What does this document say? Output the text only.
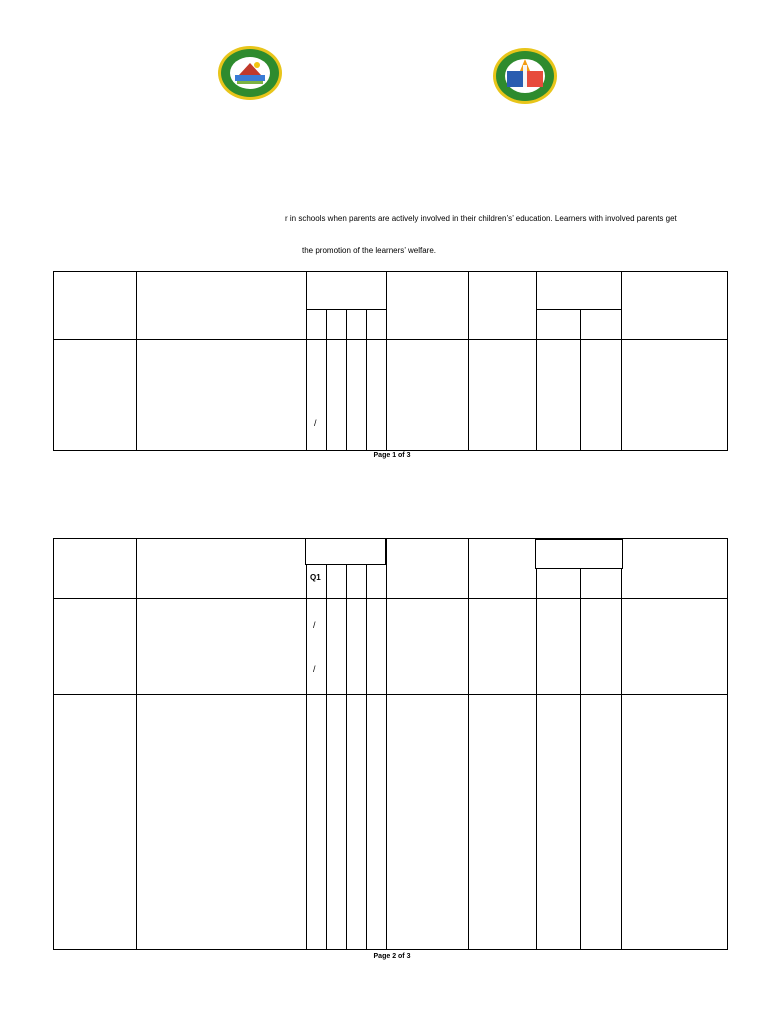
r in schools when parents are actively involved in their children’s’ education. Learners with involved parents get
the promotion of the learners’ welfare.
/
Page 1 of 3
Q1
/
/
Page 2 of 3
